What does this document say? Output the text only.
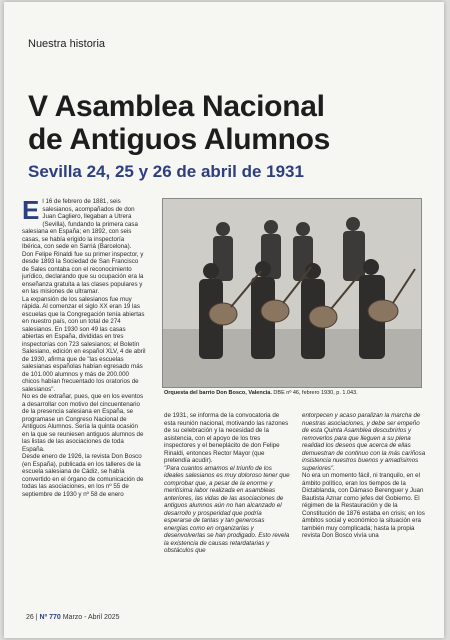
Nuestra historia
V Asamblea Nacional
de Antiguos Alumnos
Sevilla 24, 25 y 26 de abril de 1931
E l 16 de febrero de 1881, seis salesianos, acompañados de don Juan Cagliero, llegaban a Utrera (Sevilla), fundando la primera casa salesiana en España; en 1892, con seis casas, se había erigido la inspectoría Ibérica, con sede en Sarriá (Barcelona).

Don Felipe Rinaldi fue su primer inspector, y desde 1893 la Sociedad de San Francisco de Sales contaba con el reconocimiento jurídico, declarando que su ocupación era la enseñanza gratuita a las clases populares y en las misiones de ultramar.

La expansión de los salesianos fue muy rápida. Al comenzar el siglo XX eran 19 las escuelas que la Congregación tenía abiertas en nuestro país, con un total de 274 salesianos. En 1930 son 49 las casas abiertas en España, divididas en tres inspectorías con 723 salesianos; el Boletín Salesiano, edición en español XLV, 4 de abril de 1930, afirma que de "las escuelas salesianas españolas habían egresado más de 101.000 alumnos y más de 200.000 chicos habían frecuentado los oratorios de salesianos".

No es de extrañar, pues, que en los eventos a desarrollar con motivo del cincuentenario de la presencia salesiana en España, se programase un Congreso Nacional de Antiguos Alumnos. Sería la quinta ocasión en la que se reuniesen antiguos alumnos de las listas de las asociaciones de toda España.

Desde enero de 1926, la revista Don Bosco (en España), publicada en los talleres de la escuela salesiana de Cádiz, se había convertido en el órgano de comunicación de todas las asociaciones, en los nº 55 de septiembre de 1930 y nº 58 de enero

Orquesta del barrio Don Bosco, Valencia. DBE nº 46, febrero 1930, p. 1.043.

de 1931, se informa de la convocatoria de esta reunión nacional, motivando las razones de su celebración y la necesidad de la asistencia, con el apoyo de los tres inspectores y el beneplácito de don Felipe Rinaldi, entonces Rector Mayor (que pretendía acudir).

"Para cuantos amamos el triunfo de los ideales salesianos es muy doloroso tener que comprobar que, a pesar de la enorme y meritísima labor realizada en asambleas anteriores, las vidas de las asociaciones de antiguos alumnos aún no han alcanzado el desarrollo y prosperidad que podría esperarse de tantas y tan generosas energías como en organizarlas y desenvolverlas se han prodigado. Esto revela la existencia de causas retardatarias y obstáculos que

entorpecen y acaso paralizan la marcha de nuestras asociaciones, y debe ser empeño de esta Quinta Asamblea descubrirlos y removerlos para que lleguen a su plena realidad los deseos que acerca de ellas demuestran de continuo con la más cariñosa insistencia nuestros buenos y amadísimos superiores".

No era un momento fácil, ni tranquilo, en el ámbito político, eran los tiempos de la Dictablanda, con Dámaso Berenguer y Juan Bautista Aznar como jefes del Gobierno. El régimen de la Restauración y de la Constitución de 1876 estaba en crisis; en los ámbitos social y económico la situación era también muy complicada; hasta la propia revista Don Bosco vivía una

26 | Nº 770 Marzo - Abril 2025
